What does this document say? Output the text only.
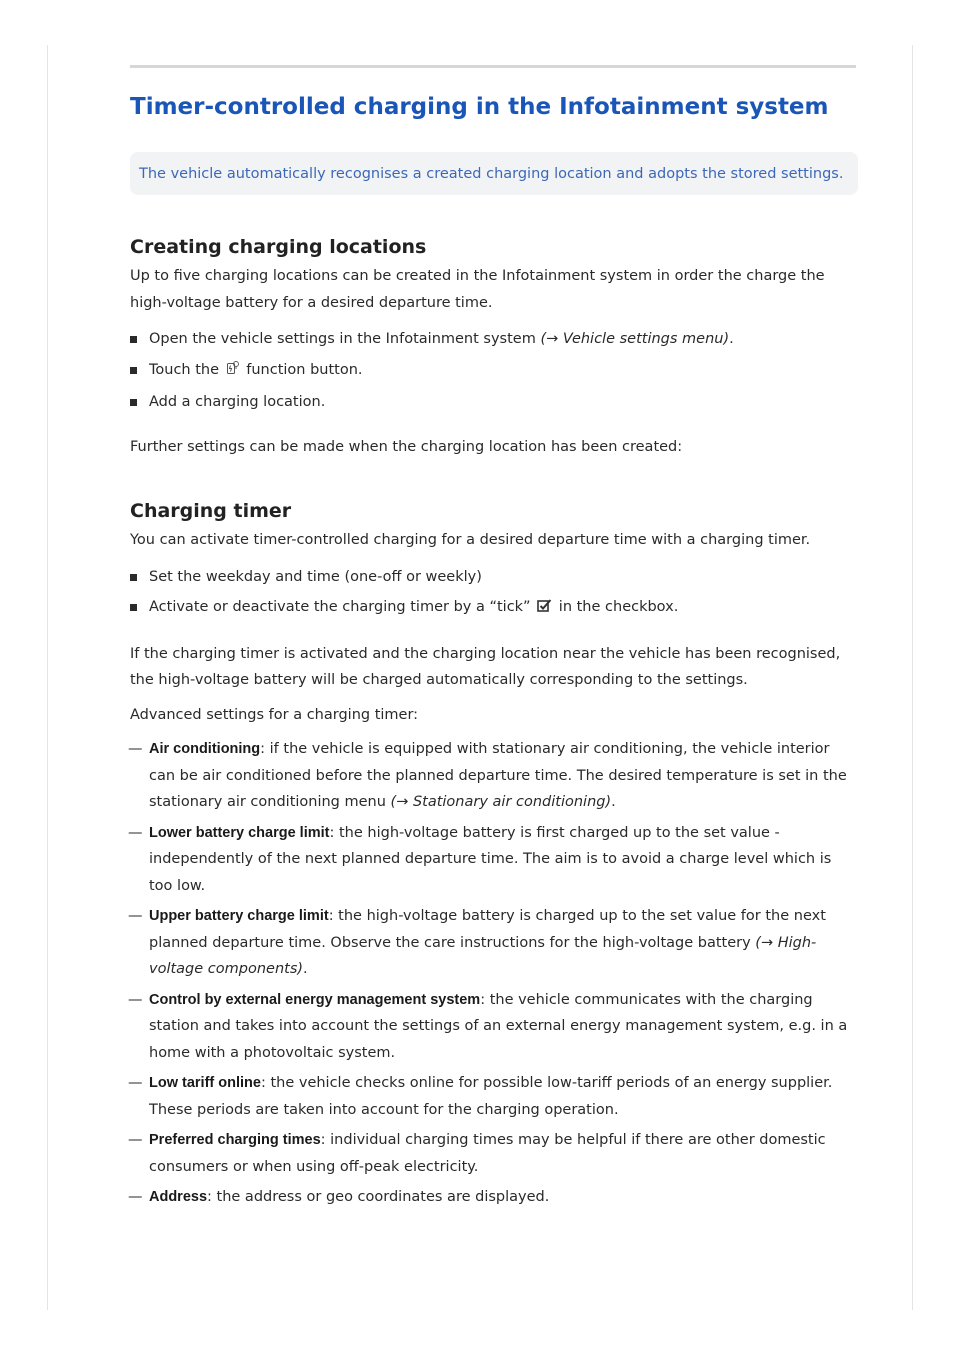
Timer-controlled charging in the Infotainment system
The vehicle automatically recognises a created charging location and adopts the stored settings.
Creating charging locations

Up to five charging locations can be created in the Infotainment system in order the charge the high-voltage battery for a desired departure time.

Open the vehicle settings in the Infotainment system (→ Vehicle settings menu).
Touch the  function button.
Add a charging location.

Further settings can be made when the charging location has been created:

Charging timer

You can activate timer-controlled charging for a desired departure time with a charging timer.

Set the weekday and time (one-off or weekly)
Activate or deactivate the charging timer by a “tick”  in the checkbox.

If the charging timer is activated and the charging location near the vehicle has been recognised, the high-voltage battery will be charged automatically corresponding to the settings.

Advanced settings for a charging timer:

— Air conditioning: if the vehicle is equipped with stationary air conditioning, the vehicle interior can be air conditioned before the planned departure time. The desired temperature is set in the stationary air conditioning menu (→ Stationary air conditioning).
— Lower battery charge limit: the high-voltage battery is first charged up to the set value - independently of the next planned departure time. The aim is to avoid a charge level which is too low.
— Upper battery charge limit: the high-voltage battery is charged up to the set value for the next planned departure time. Observe the care instructions for the high-voltage battery (→ High-voltage components).
— Control by external energy management system: the vehicle communicates with the charging station and takes into account the settings of an external energy management system, e.g. in a home with a photovoltaic system.
— Low tariff online: the vehicle checks online for possible low-tariff periods of an energy supplier. These periods are taken into account for the charging operation.
— Preferred charging times: individual charging times may be helpful if there are other domestic consumers or when using off-peak electricity.
— Address: the address or geo coordinates are displayed.
